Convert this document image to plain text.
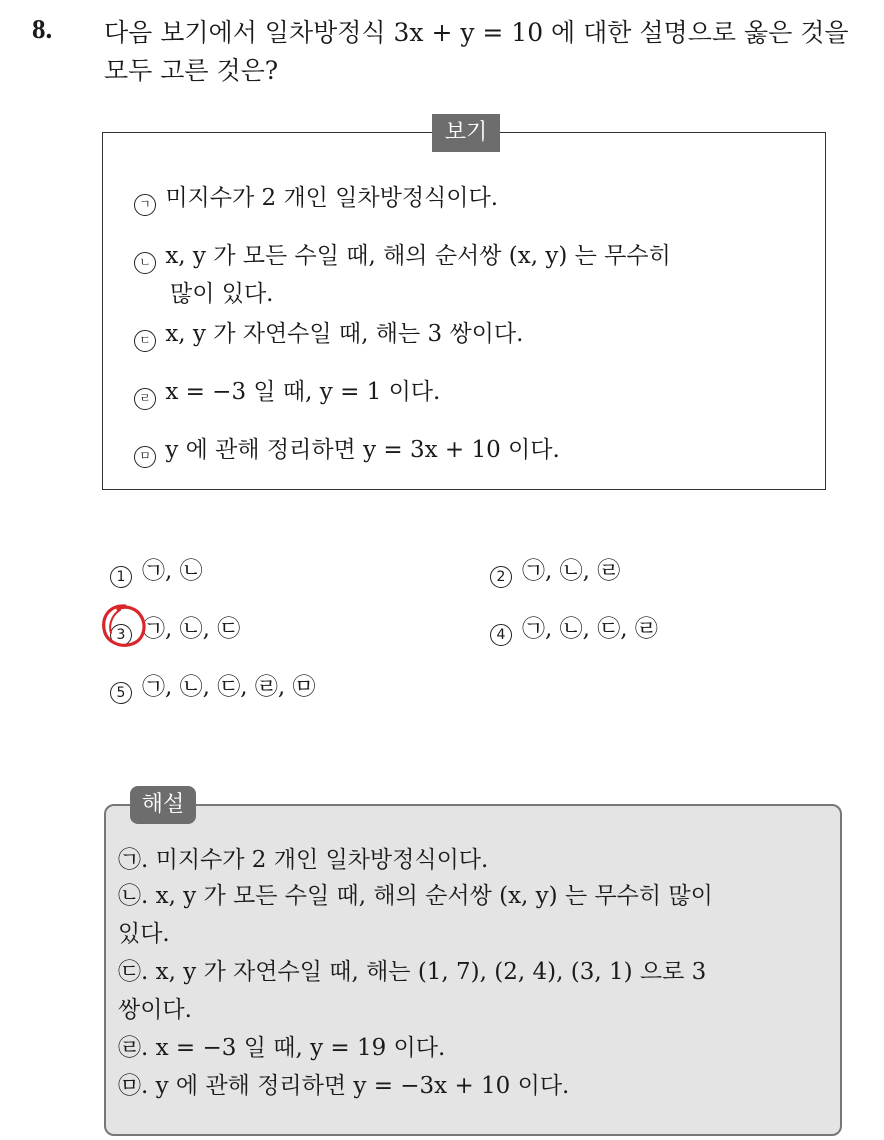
8. 다음 보기에서 일차방정식 3x + y = 10 에 대한 설명으로 옳은 것을
모두 고른 것은?
보기
ㄱ 미지수가 2 개인 일차방정식이다.
ㄴ x, y 가 모든 수일 때, 해의 순서쌍 (x, y) 는 무수히
많이 있다.
ㄷ x, y 가 자연수일 때, 해는 3 쌍이다.
ㄹ x = −3 일 때, y = 1 이다.
ㅁ y 에 관해 정리하면 y = 3x + 10 이다.
1 ㉠, ㉡	2 ㉠, ㉡, ㉣
3 ㉠, ㉡, ㉢	4 ㉠, ㉡, ㉢, ㉣
5 ㉠, ㉡, ㉢, ㉣, ㉤
해설
㉠. 미지수가 2 개인 일차방정식이다.
㉡. x, y 가 모든 수일 때, 해의 순서쌍 (x, y) 는 무수히 많이
있다.
㉢. x, y 가 자연수일 때, 해는 (1, 7), (2, 4), (3, 1) 으로 3
쌍이다.
㉣. x = −3 일 때, y = 19 이다.
㉤. y 에 관해 정리하면 y = −3x + 10 이다.
